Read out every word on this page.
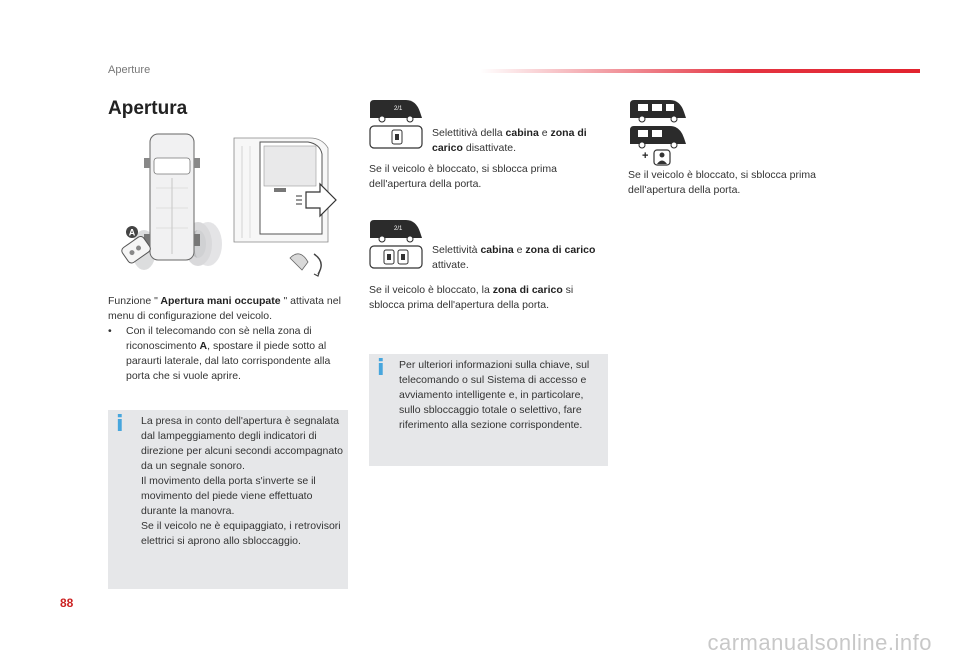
Aperture
Apertura
A
Funzione " Apertura mani occupate " attivata nel menu di configurazione del veicolo.
•	Con il telecomando con sè nella zona di riconoscimento A, spostare il piede sotto al paraurti laterale, dal lato corrispondente alla porta che si vuole aprire.
i La presa in conto dell'apertura è segnalata dal lampeggiamento degli indicatori di direzione per alcuni secondi accompagnato da un segnale sonoro.
Il movimento della porta s'inverte se il movimento del piede viene effettuato durante la manovra.
Se il veicolo ne è equipaggiato, i retrovisori elettrici si aprono allo sbloccaggio.
2/1
Selettitivà della cabina e zona di carico disattivate.
Se il veicolo è bloccato, si sblocca prima dell'apertura della porta.
2/1
Selettività cabina e zona di carico attivate.
Se il veicolo è bloccato, la zona di carico si sblocca prima dell'apertura della porta.
i Per ulteriori informazioni sulla chiave, sul telecomando o sul Sistema di accesso e avviamento intelligente e, in particolare, sullo sbloccaggio totale o selettivo, fare riferimento alla sezione corrispondente.
+
Se il veicolo è bloccato, si sblocca prima dell'apertura della porta.
88
carmanualsonline.info
